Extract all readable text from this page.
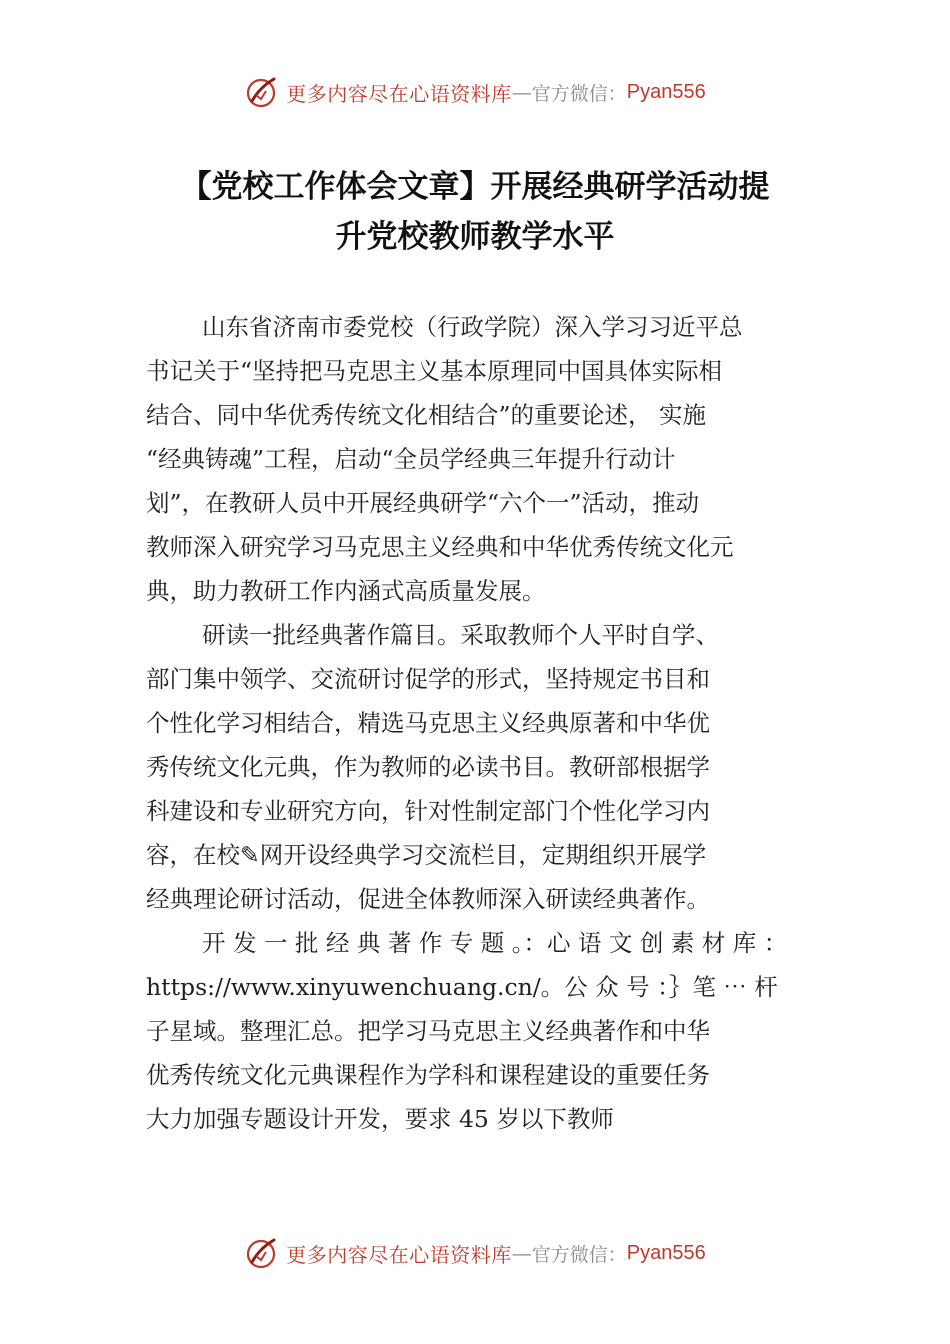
更多内容尽在心语资料库 — 官方微信： Pyan556
【党校工作体会文章】开展经典研学活动提
升党校教师教学水平
山东省济南市委党校（行政学院）深入学习习近平总
书记关于“坚持把马克思主义基本原理同中国具体实际相
结合、同中华优秀传统文化相结合”的重要论述， 实施
“经典铸魂”工程，启动“全员学经典三年提升行动计
划”，在教研人员中开展经典研学“六个一”活动，推动
教师深入研究学习马克思主义经典和中华优秀传统文化元
典，助力教研工作内涵式高质量发展。
研读一批经典著作篇目。采取教师个人平时自学、
部门集中领学、交流研讨促学的形式，坚持规定书目和
个性化学习相结合，精选马克思主义经典原著和中华优
秀传统文化元典，作为教师的必读书目。教研部根据学
科建设和专业研究方向，针对性制定部门个性化学习内
容，在校✎网开设经典学习交流栏目，定期组织开展学
经典理论研讨活动，促进全体教师深入研读经典著作。
开 发 一 批 经 典 著 作 专 题 。：心 语 文 创 素 材 库 ：
https://www.xinyuwenchuang.cn/。公 众 号 ：｝笔 ⋯ 杆
子星域。整理汇总。把学习马克思主义经典著作和中华
优秀传统文化元典课程作为学科和课程建设的重要任务
大力加强专题设计开发，要求 45 岁以下教师
更多内容尽在心语资料库 — 官方微信： Pyan556
